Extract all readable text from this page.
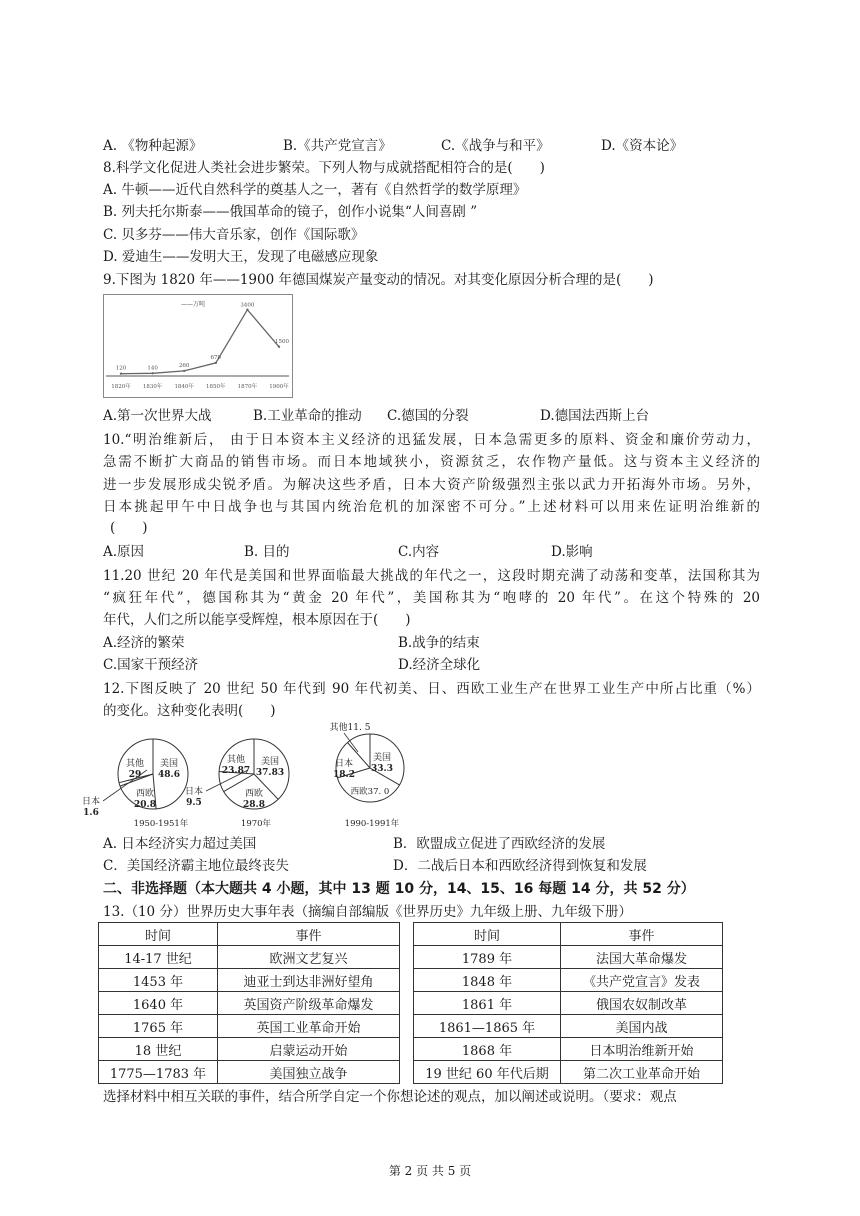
A. 《物种起源》	B.《共产党宣言》	C.《战争与和平》	D.《资本论》
8.科学文化促进人类社会进步繁荣。下列人物与成就搭配相符合的是(　　)
A. 牛顿——近代自然科学的奠基人之一，著有《自然哲学的数学原理》
B. 列夫托尔斯泰——俄国革命的镜子，创作小说集“人间喜剧 ”
C. 贝多芬——伟大音乐家，创作《国际歌》
D. 爱迪生——发明大王，发现了电磁感应现象
9.下图为 1820 年——1900 年德国煤炭产量变动的情况。对其变化原因分析合理的是(　　)
——万吨
120
1820年
140
1830年
260
1840年
670
1850年
3400
1870年
1500
1900年
A.第一次世界大战	B.工业革命的推动 C.德国的分裂	D.德国法西斯上台
10.“明治维新后， 由于日本资本主义经济的迅猛发展，日本急需更多的原料、资金和廉价劳动力，
急需不断扩大商品的销售市场。而日本地域狭小，资源贫乏，农作物产量低。这与资本主义经济的
进一步发展形成尖锐矛盾。为解决这些矛盾，日本大资产阶级强烈主张以武力开拓海外市场。另外，
日本挑起甲午中日战争也与其国内统治危机的加深密不可分。”上述材料可以用来佐证明治维新的
(　　)
A.原因	B. 目的	C.内容	D.影响
11.20 世纪 20 年代是美国和世界面临最大挑战的年代之一，这段时期充满了动荡和变革，法国称其为
“疯狂年代”，德国称其为“黄金 20 年代”，美国称其为“咆哮的 20 年代”。在这个特殊的 20
年代，人们之所以能享受辉煌，根本原因在于(　　)
A.经济的繁荣	B.战争的结束
C.国家干预经济	D.经济全球化
12.下图反映了 20 世纪 50 年代到 90 年代初美、日、西欧工业生产在世界工业生产中所占比重（%）
的变化。这种变化表明(　　)
美国
48.6
西欧
20.8
日本
1.6
其他
29
1950-1951年
美国
37.83
西欧
28.8
日本
9.5
其他
23.87
1970年
美国
33.3
西欧37. 0
日本
18.2
其他11. 5
1990-1991年
A. 日本经济实力超过美国	B．欧盟成立促进了西欧经济的发展
C．美国经济霸主地位最终丧失	D．二战后日本和西欧经济得到恢复和发展
二、非选择题（本大题共 4 小题，其中 13 题 10 分，14、15、16 每题 14 分，共 52 分）
13.（10 分）世界历史大事年表（摘编自部编版《世界历史》九年级上册、九年级下册）
时间	事件
14-17 世纪	欧洲文艺复兴
1453 年	迪亚士到达非洲好望角
1640 年	英国资产阶级革命爆发
1765 年	英国工业革命开始
18 世纪	启蒙运动开始
1775—1783 年	美国独立战争
时间	事件
1789 年	法国大革命爆发
1848 年	《共产党宣言》发表
1861 年	俄国农奴制改革
1861—1865 年	美国内战
1868 年	日本明治维新开始
19 世纪 60 年代后期	第二次工业革命开始
选择材料中相互关联的事件，结合所学自定一个你想论述的观点，加以阐述或说明。（要求：观点
第 2 页 共 5 页
